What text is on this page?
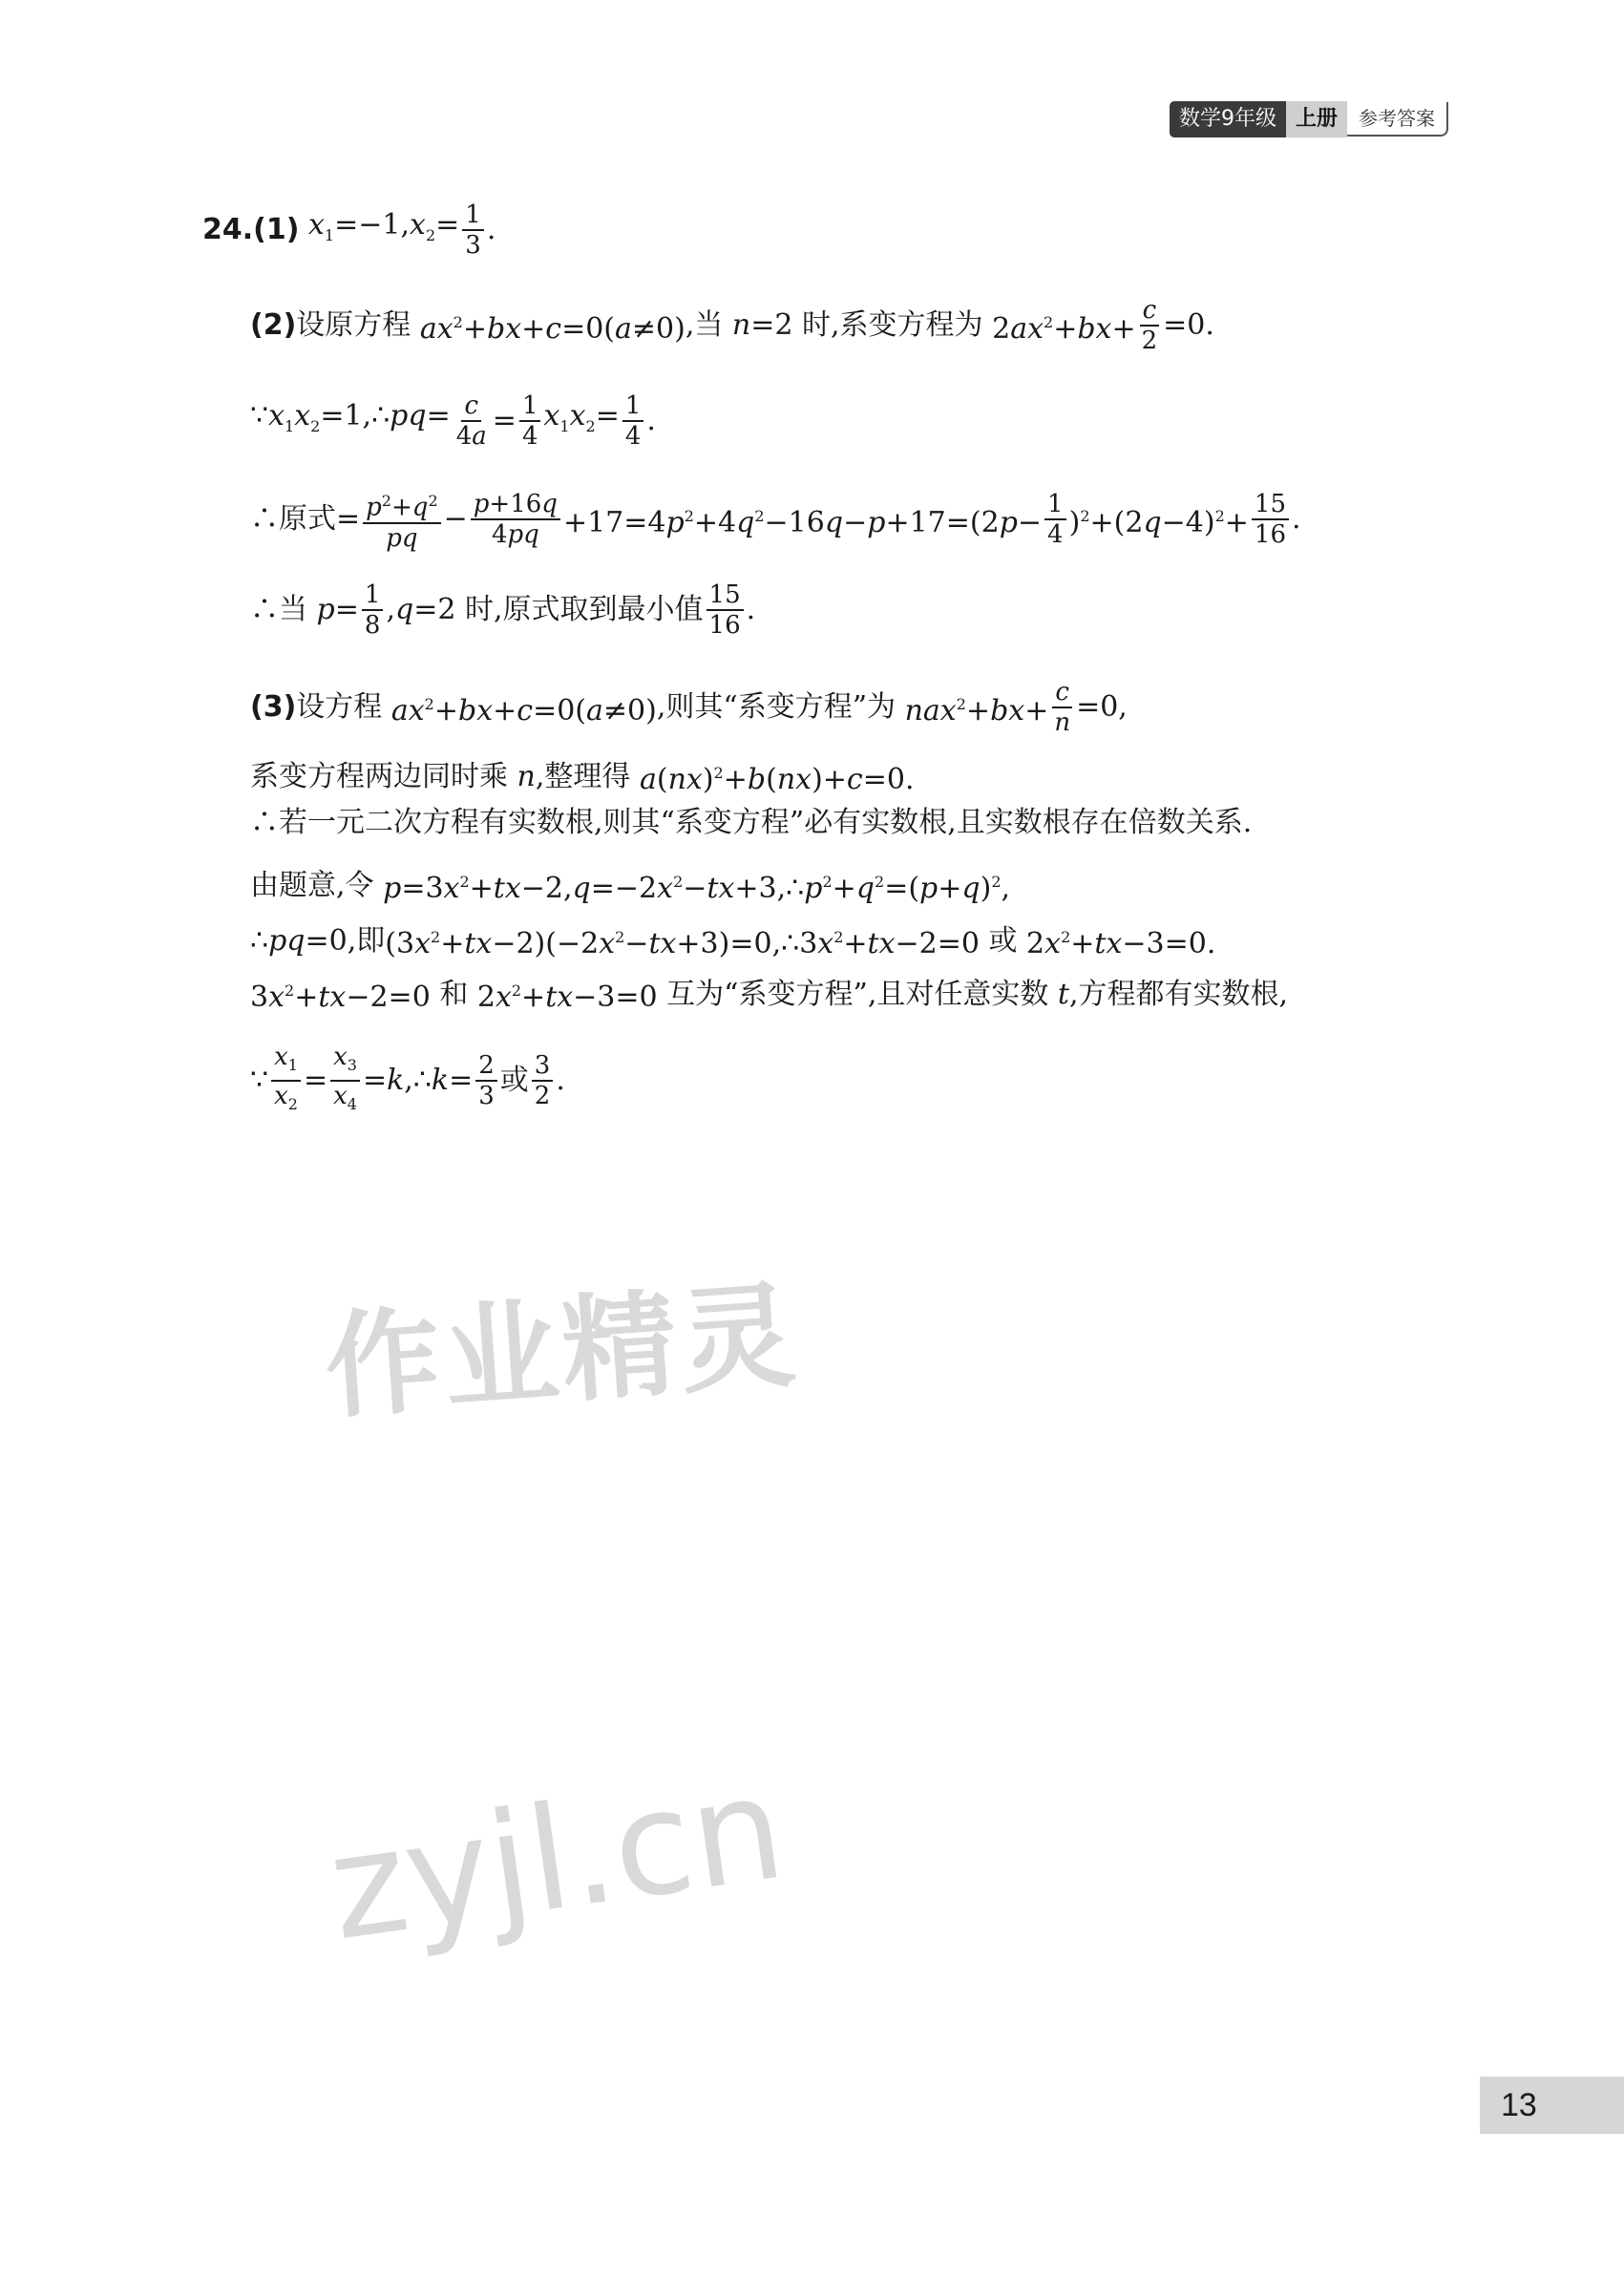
数学9年级 上册	参考答案
24. (1) $x_1=-1,x_2= \frac{1}{3}$ .
(2) 设原方程 $ax^2+bx+c=0(a\ne 0)$ ,当 n=2 时,系变方程为 $2ax^2+bx+ \frac{c}{2} =0$.
$\because x_1x_2=1,\therefore pq= \frac{c}{4a} = \frac{1}{4} x_1x_2= \frac{1}{4}$ .
∴原式= $\frac{p^2+q^2}{pq} - \frac{p+16q}{4pq} +17=4p^2+4q^2-16q-p+17=(2p- \frac{1}{4} )^2+(2q-4)^2+ \frac{15}{16}$ .
∴当 $p= \frac{1}{8} ,q=2$ 时,原式取到最小值 $\frac{15}{16}$ .
(3) 设方程 $ax^2+bx+c=0(a\ne 0)$ ,则其“系变方程”为 $nax^2+bx+ \frac{c}{n} =0$,
系变方程两边同时乘 n ,整理得 a(nx)$^2$+b(nx)+c=0.
∴若一元二次方程有实数根,则其“系变方程”必有实数根,且实数根存在倍数关系.
由题意,令 $p=3x^2+tx-2,q=-2x^2-tx+3,\therefore p^2+q^2=(p+q)^2$,
∴ pq=0 ,即 $(3x^2+tx-2)(-2x^2-tx+3)=0,\therefore 3x^2+tx-2=0$ 或 $2x^2+tx-3=0$.
$3x^2+tx-2=0$ 和 $2x^2+tx-3=0$ 互为“系变方程”,且对任意实数 t ,方程都有实数根,
∵ $\frac{x_1}{x_2} = \frac{x_3}{x_4}$ =k,∴k= $\frac{2}{3}$ 或 $\frac{3}{2}$ .
作业精灵
zyjl.cn
13
